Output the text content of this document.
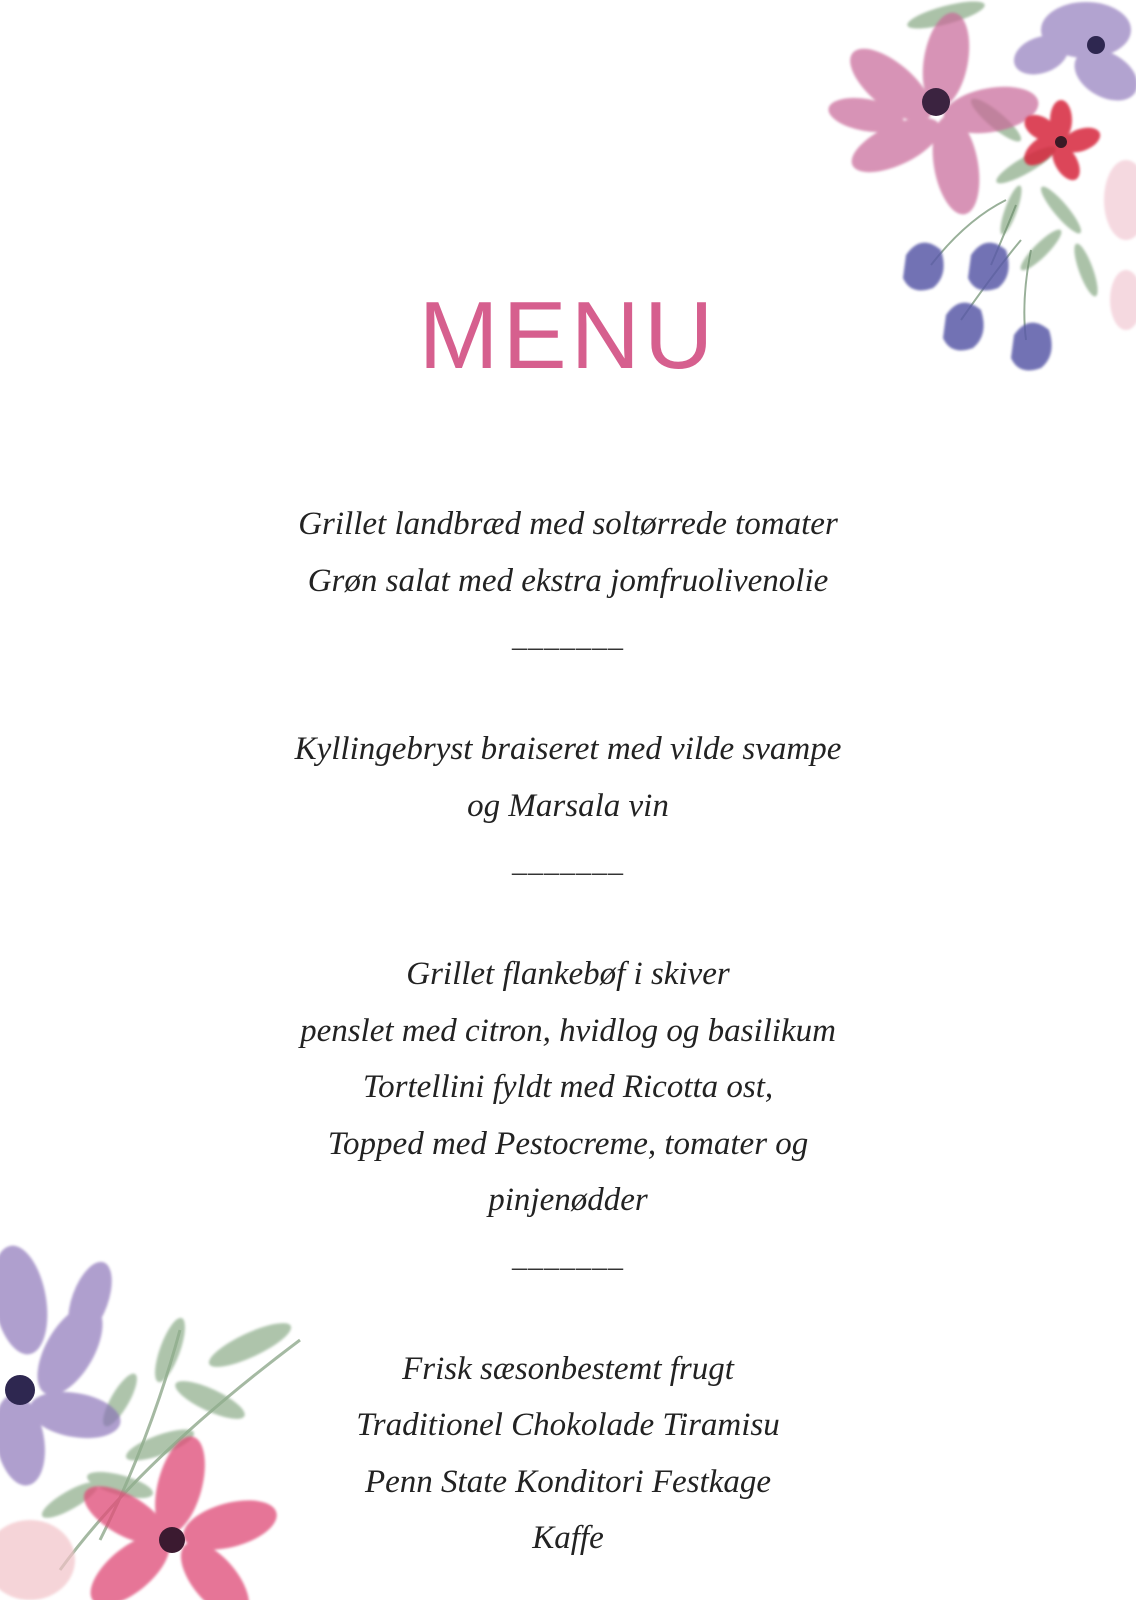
MENU
Grillet landbræd med soltørrede tomater
Grøn salat med ekstra jomfruolivenolie
_______
Kyllingebryst braiseret med vilde svampe
og Marsala vin
_______
Grillet flankebøf i skiver
penslet med citron, hvidlog og basilikum
Tortellini fyldt med Ricotta ost,
Topped med Pestocreme, tomater og
pinjenødder
_______
Frisk sæsonbestemt frugt
Traditionel Chokolade Tiramisu
Penn State Konditori Festkage
Kaffe
